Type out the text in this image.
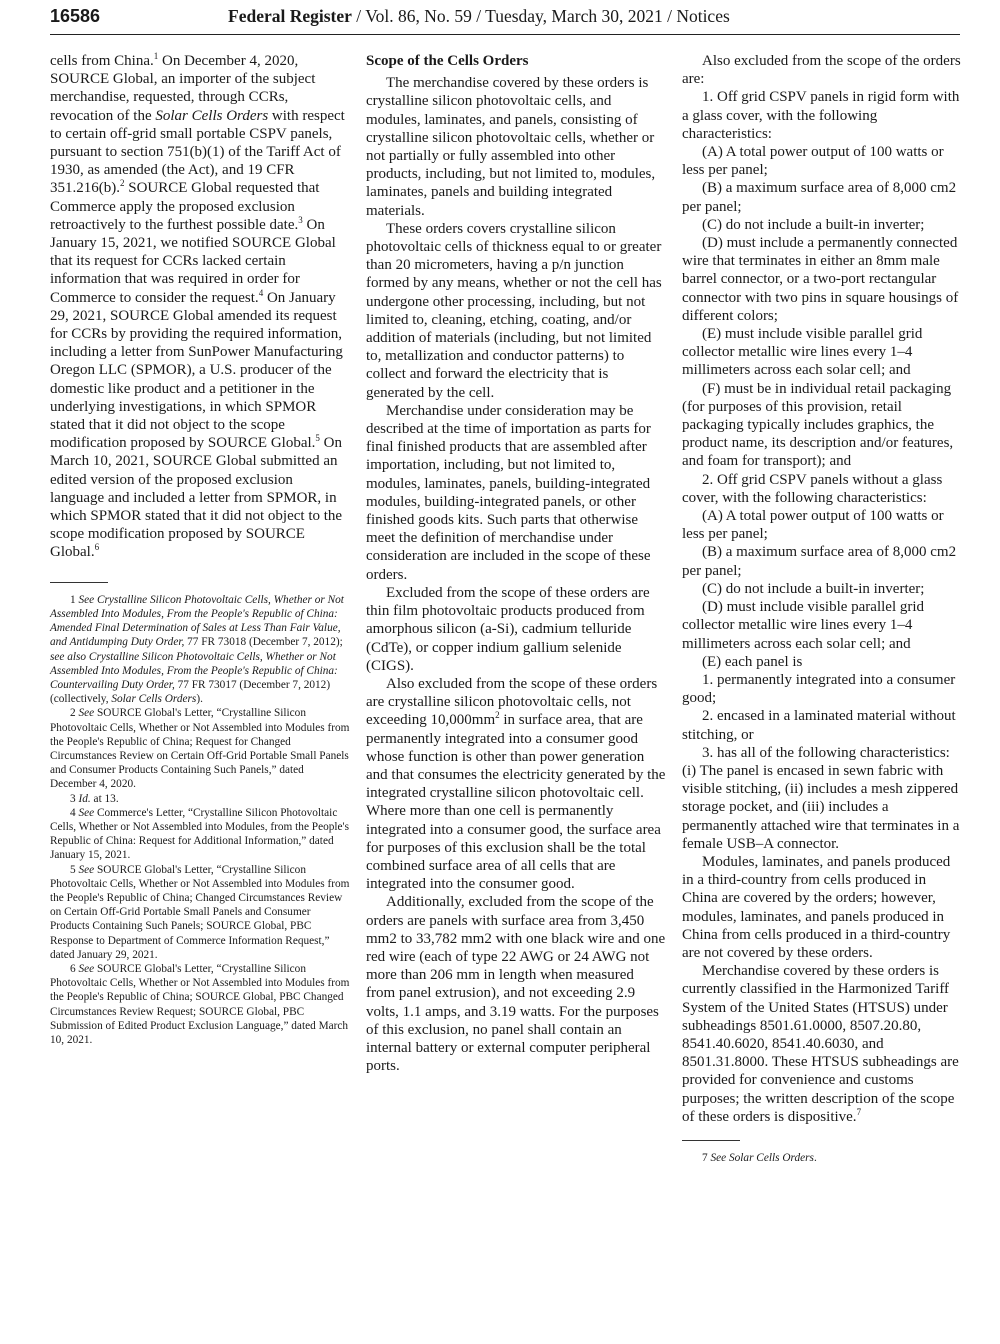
16586	Federal Register / Vol. 86, No. 59 / Tuesday, March 30, 2021 / Notices

cells from China.$^1$ On December 4, 2020, SOURCE Global, an importer of the subject merchandise, requested, through CCRs, revocation of the Solar Cells Orders with respect to certain off-grid small portable CSPV panels, pursuant to section 751(b)(1) of the Tariff Act of 1930, as amended (the Act), and 19 CFR 351.216(b).$^2$ SOURCE Global requested that Commerce apply the proposed exclusion retroactively to the furthest possible date.$^3$ On January 15, 2021, we notified SOURCE Global that its request for CCRs lacked certain information that was required in order for Commerce to consider the request.$^4$ On January 29, 2021, SOURCE Global amended its request for CCRs by providing the required information, including a letter from SunPower Manufacturing Oregon LLC (SPMOR), a U.S. producer of the domestic like product and a petitioner in the underlying investigations, in which SPMOR stated that it did not object to the scope modification proposed by SOURCE Global.$^5$ On March 10, 2021, SOURCE Global submitted an edited version of the proposed exclusion language and included a letter from SPMOR, in which SPMOR stated that it did not object to the scope modification proposed by SOURCE Global.$^6$

1 See Crystalline Silicon Photovoltaic Cells, Whether or Not Assembled Into Modules, From the People's Republic of China: Amended Final Determination of Sales at Less Than Fair Value, and Antidumping Duty Order, 77 FR 73018 (December 7, 2012); see also Crystalline Silicon Photovoltaic Cells, Whether or Not Assembled Into Modules, From the People's Republic of China: Countervailing Duty Order, 77 FR 73017 (December 7, 2012) (collectively, Solar Cells Orders).

2 See SOURCE Global's Letter, “Crystalline Silicon Photovoltaic Cells, Whether or Not Assembled into Modules from the People's Republic of China; Request for Changed Circumstances Review on Certain Off-Grid Portable Small Panels and Consumer Products Containing Such Panels,” dated December 4, 2020.

3 Id. at 13.

4 See Commerce's Letter, “Crystalline Silicon Photovoltaic Cells, Whether or Not Assembled into Modules, from the People's Republic of China: Request for Additional Information,” dated January 15, 2021.

5 See SOURCE Global's Letter, “Crystalline Silicon Photovoltaic Cells, Whether or Not Assembled into Modules from the People's Republic of China; Changed Circumstances Review on Certain Off-Grid Portable Small Panels and Consumer Products Containing Such Panels; SOURCE Global, PBC Response to Department of Commerce Information Request,” dated January 29, 2021.

6 See SOURCE Global's Letter, “Crystalline Silicon Photovoltaic Cells, Whether or Not Assembled into Modules from the People's Republic of China; SOURCE Global, PBC Changed Circumstances Review Request; SOURCE Global, PBC Submission of Edited Product Exclusion Language,” dated March 10, 2021.

Scope of the Cells Orders

The merchandise covered by these orders is crystalline silicon photovoltaic cells, and modules, laminates, and panels, consisting of crystalline silicon photovoltaic cells, whether or not partially or fully assembled into other products, including, but not limited to, modules, laminates, panels and building integrated materials.

These orders covers crystalline silicon photovoltaic cells of thickness equal to or greater than 20 micrometers, having a p/n junction formed by any means, whether or not the cell has undergone other processing, including, but not limited to, cleaning, etching, coating, and/or addition of materials (including, but not limited to, metallization and conductor patterns) to collect and forward the electricity that is generated by the cell.

Merchandise under consideration may be described at the time of importation as parts for final finished products that are assembled after importation, including, but not limited to, modules, laminates, panels, building-integrated modules, building-integrated panels, or other finished goods kits. Such parts that otherwise meet the definition of merchandise under consideration are included in the scope of these orders.

Excluded from the scope of these orders are thin film photovoltaic products produced from amorphous silicon (a-Si), cadmium telluride (CdTe), or copper indium gallium selenide (CIGS).

Also excluded from the scope of these orders are crystalline silicon photovoltaic cells, not exceeding $10,000mm^2$ in surface area, that are permanently integrated into a consumer good whose function is other than power generation and that consumes the electricity generated by the integrated crystalline silicon photovoltaic cell. Where more than one cell is permanently integrated into a consumer good, the surface area for purposes of this exclusion shall be the total combined surface area of all cells that are integrated into the consumer good.

Additionally, excluded from the scope of the orders are panels with surface area from 3,450 mm2 to 33,782 mm2 with one black wire and one red wire (each of type 22 AWG or 24 AWG not more than 206 mm in length when measured from panel extrusion), and not exceeding 2.9 volts, 1.1 amps, and 3.19 watts. For the purposes of this exclusion, no panel shall contain an internal battery or external computer peripheral ports.

Also excluded from the scope of the orders are:

1. Off grid CSPV panels in rigid form with a glass cover, with the following characteristics:

(A) A total power output of 100 watts or less per panel;

(B) a maximum surface area of 8,000 cm2 per panel;

(C) do not include a built-in inverter;

(D) must include a permanently connected wire that terminates in either an 8mm male barrel connector, or a two-port rectangular connector with two pins in square housings of different colors;

(E) must include visible parallel grid collector metallic wire lines every 1–4 millimeters across each solar cell; and

(F) must be in individual retail packaging (for purposes of this provision, retail packaging typically includes graphics, the product name, its description and/or features, and foam for transport); and

2. Off grid CSPV panels without a glass cover, with the following characteristics:

(A) A total power output of 100 watts or less per panel;

(B) a maximum surface area of 8,000 cm2 per panel;

(C) do not include a built-in inverter;

(D) must include visible parallel grid collector metallic wire lines every 1–4 millimeters across each solar cell; and

(E) each panel is

1. permanently integrated into a consumer good;

2. encased in a laminated material without stitching, or

3. has all of the following characteristics: (i) The panel is encased in sewn fabric with visible stitching, (ii) includes a mesh zippered storage pocket, and (iii) includes a permanently attached wire that terminates in a female USB–A connector.

Modules, laminates, and panels produced in a third-country from cells produced in China are covered by the orders; however, modules, laminates, and panels produced in China from cells produced in a third-country are not covered by these orders.

Merchandise covered by these orders is currently classified in the Harmonized Tariff System of the United States (HTSUS) under subheadings 8501.61.0000, 8507.20.80, 8541.40.6020, 8541.40.6030, and 8501.31.8000. These HTSUS subheadings are provided for convenience and customs purposes; the written description of the scope of these orders is dispositive.$^7$

7 See Solar Cells Orders.
